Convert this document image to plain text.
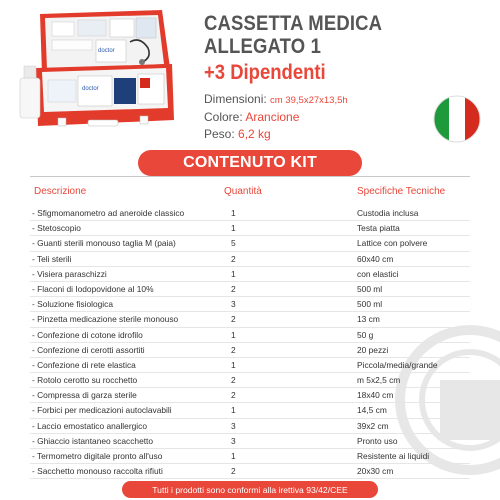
doctor
doctor
CASSETTA MEDICA
ALLEGATO 1
+3 Dipendenti
Dimensioni: cm 39,5x27x13,5h
Colore: Arancione
Peso: 6,2 kg
CONTENUTO KIT
Descrizione	Quantità	Specifiche Tecniche
- Sfigmomanometro ad aneroide classico	1	Custodia inclusa
- Stetoscopio	1	Testa piatta
- Guanti sterili monouso taglia M (paia)	5	Lattice con polvere
- Teli sterili	2	60x40 cm
- Visiera paraschizzi	1	con elastici
- Flaconi di Iodopovidone al 10%	2	500 ml
- Soluzione fisiologica	3	500 ml
- Pinzetta medicazione sterile monouso	2	13 cm
- Confezione di cotone idrofilo	1	50 g
- Confezione di cerotti assortiti	2	20 pezzi
- Confezione di rete elastica	1	Piccola/media/grande
- Rotolo cerotto su rocchetto	2	m 5x2,5 cm
- Compressa di garza sterile	2	18x40 cm
- Forbici per medicazioni autoclavabili	1	14,5 cm
- Laccio emostatico anallergico	3	39x2 cm
- Ghiaccio istantaneo scacchetto	3	Pronto uso
- Termometro digitale pronto all'uso	1	Resistente ai liquidi
- Sacchetto monouso raccolta rifiuti	2	20x30 cm
Tutti i prodotti sono conformi alla irettiva 93/42/CEE
